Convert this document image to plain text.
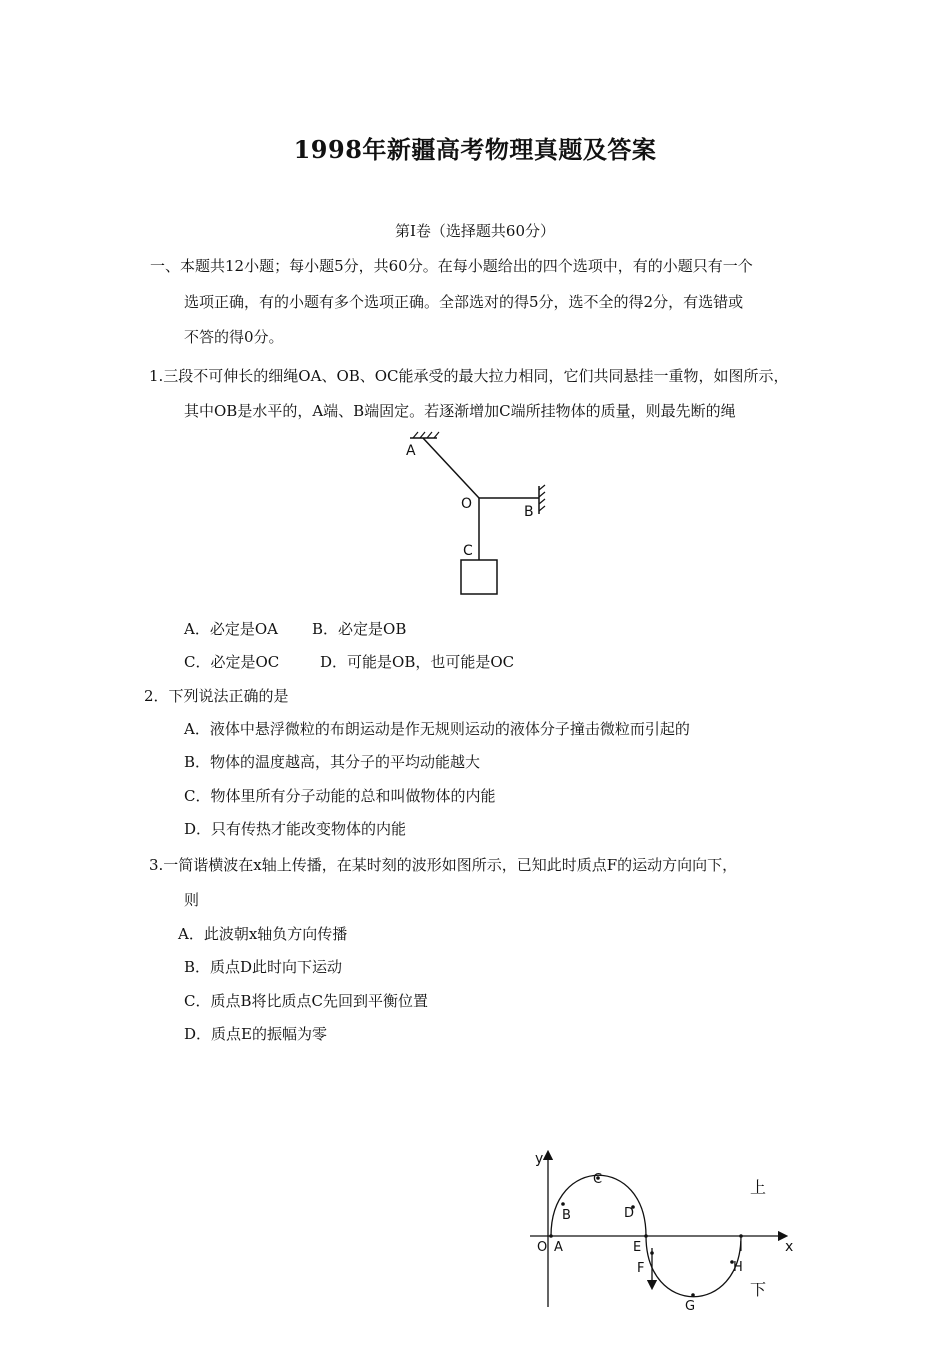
1998年新疆高考物理真题及答案
第Ⅰ卷（选择题共60分）
一、本题共12小题；每小题5分，共60分。在每小题给出的四个选项中，有的小题只有一个
选项正确，有的小题有多个选项正确。全部选对的得5分，选不全的得2分，有选错或
不答的得0分。
1.三段不可伸长的细绳OA、OB、OC能承受的最大拉力相同，它们共同悬挂一重物，如图所示，
其中OB是水平的，A端、B端固定。若逐渐增加C端所挂物体的质量，则最先断的绳
A
O	B
C
A．必定是OA B．必定是OB
C．必定是OC	D．可能是OB，也可能是OC
2．下列说法正确的是
A．液体中悬浮微粒的布朗运动是作无规则运动的液体分子撞击微粒而引起的
B．物体的温度越高，其分子的平均动能越大
C．物体里所有分子动能的总和叫做物体的内能
D．只有传热才能改变物体的内能
3.一简谐横波在x轴上传播，在某时刻的波形如图所示，已知此时质点F的运动方向向下，
则
A．此波朝x轴负方向传播
B．质点D此时向下运动
C．质点B将比质点C先回到平衡位置
D．质点E的振幅为零
y
x
O A
B
C
D
E
F
G
H
I
上
下
